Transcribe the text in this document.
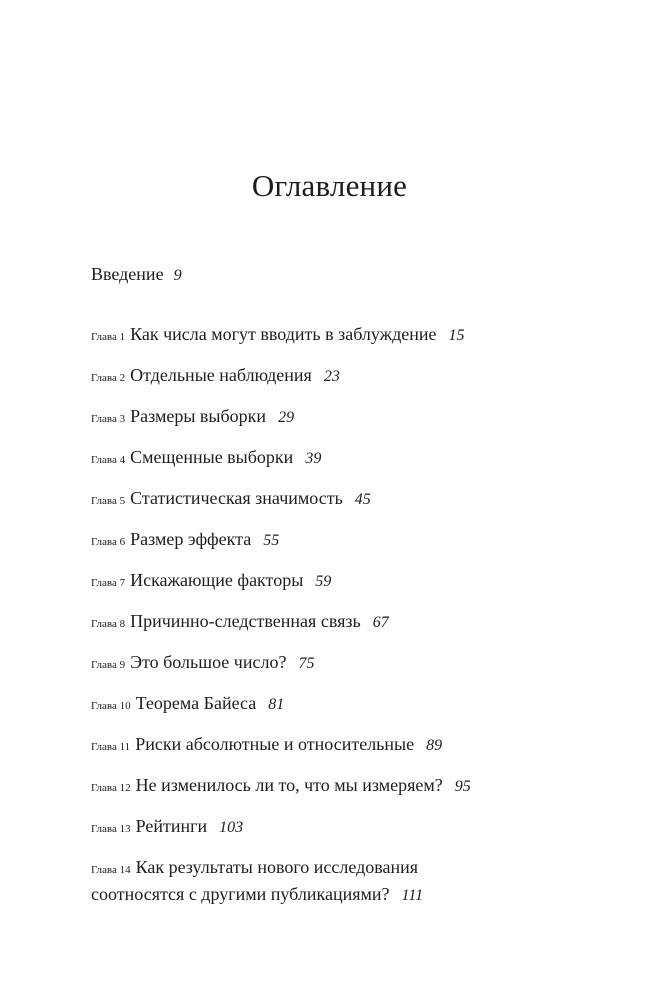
Оглавление
Введение 9
Глава 1 Как числа могут вводить в заблуждение 15
Глава 2 Отдельные наблюдения 23
Глава 3 Размеры выборки 29
Глава 4 Смещенные выборки 39
Глава 5 Статистическая значимость 45
Глава 6 Размер эффекта 55
Глава 7 Искажающие факторы 59
Глава 8 Причинно-следственная связь 67
Глава 9 Это большое число? 75
Глава 10 Теорема Байеса 81
Глава 11 Риски абсолютные и относительные 89
Глава 12 Не изменилось ли то, что мы измеряем? 95
Глава 13 Рейтинги 103
Глава 14 Как результаты нового исследования соотносятся с другими публикациями? 111
